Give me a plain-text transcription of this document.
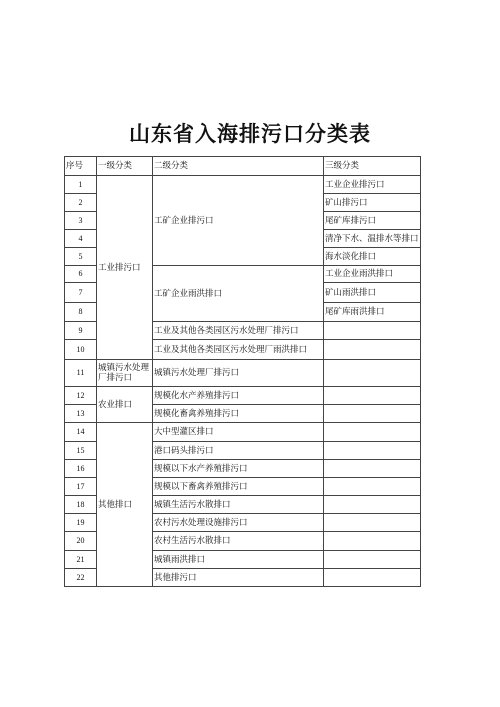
山东省入海排污口分类表
序号	一级分类	二级分类	三级分类
1	工业排污口	工矿企业排污口	工业企业排污口
2			矿山排污口
3			尾矿库排污口
4			清净下水、温排水等排口
5			海水淡化排口
6		工矿企业雨洪排口	工业企业雨洪排口
7			矿山雨洪排口
8			尾矿库雨洪排口
9		工业及其他各类园区污水处理厂排污口	
10		工业及其他各类园区污水处理厂雨洪排口	
11	城镇污水处理厂排污口	城镇污水处理厂排污口	
12	农业排口	规模化水产养殖排污口	
13		规模化畜禽养殖排污口	
14	其他排口	大中型灌区排口	
15		港口码头排污口	
16		规模以下水产养殖排污口	
17		规模以下畜禽养殖排污口	
18		城镇生活污水散排口	
19		农村污水处理设施排污口	
20		农村生活污水散排口	
21		城镇雨洪排口	
22		其他排污口	
